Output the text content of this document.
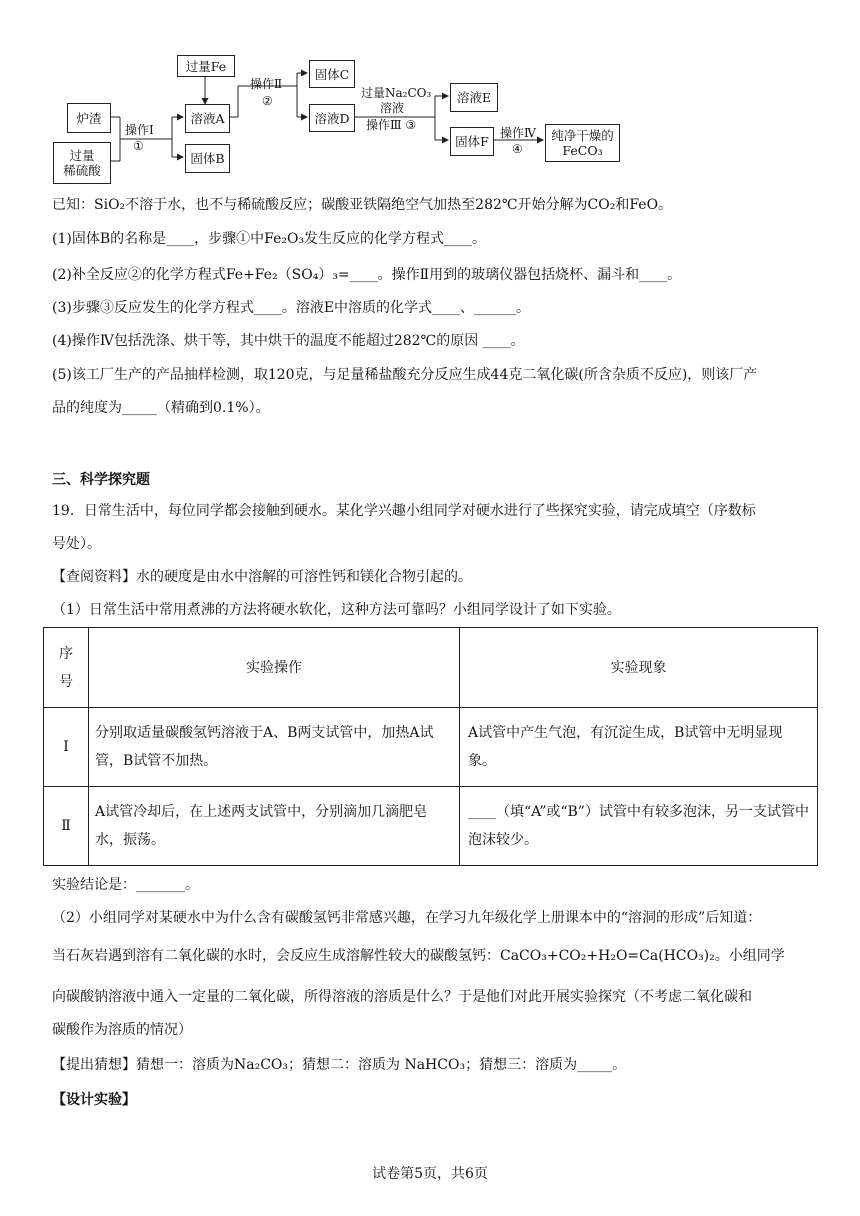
炉渣
过量
稀硫酸
操作Ⅰ
①
溶液A
固体B
过量Fe
操作Ⅱ
②
固体C
溶液D
过量Na₂CO₃
溶液
操作Ⅲ ③
溶液E
固体F
操作Ⅳ
④
纯净干燥的
FeCO₃
已知：SiO₂不溶于水，也不与稀硫酸反应；碳酸亚铁隔绝空气加热至282℃开始分解为CO₂和FeO。
(1)固体B的名称是____，步骤①中Fe₂O₃发生反应的化学方程式____。
(2)补全反应②的化学方程式Fe+Fe₂（SO₄）₃=____。操作Ⅱ用到的玻璃仪器包括烧杯、漏斗和____。
(3)步骤③反应发生的化学方程式____。溶液E中溶质的化学式____、______。
(4)操作Ⅳ包括洗涤、烘干等，其中烘干的温度不能超过282℃的原因 ____。
(5)该工厂生产的产品抽样检测，取120克，与足量稀盐酸充分反应生成44克二氧化碳(所含杂质不反应)，则该厂产
品的纯度为_____（精确到0.1%）。
三、科学探究题
19．日常生活中，每位同学都会接触到硬水。某化学兴趣小组同学对硬水进行了些探究实验，请完成填空（序数标
号处）。
【查阅资料】水的硬度是由水中溶解的可溶性钙和镁化合物引起的。
（1）日常生活中常用煮沸的方法将硬水软化，这种方法可靠吗？小组同学设计了如下实验。
序
号	实验操作	实验现象
Ⅰ	分别取适量碳酸氢钙溶液于A、B两支试管中，加热A试管，B试管不加热。	A试管中产生气泡，有沉淀生成，B试管中无明显现象。
Ⅱ	A试管冷却后，在上述两支试管中，分别滴加几滴肥皂水，振荡。	____（填“A”或“B”）试管中有较多泡沫，另一支试管中泡沫较少。
实验结论是：_______。
（2）小组同学对某硬水中为什么含有碳酸氢钙非常感兴趣，在学习九年级化学上册课本中的“溶洞的形成”后知道：
当石灰岩遇到溶有二氧化碳的水时，会反应生成溶解性较大的碳酸氢钙：CaCO₃+CO₂+H₂O=Ca(HCO₃)₂。小组同学
向碳酸钠溶液中通入一定量的二氧化碳，所得溶液的溶质是什么？于是他们对此开展实验探究（不考虑二氧化碳和
碳酸作为溶质的情况）
【提出猜想】猜想一：溶质为Na₂CO₃；猜想二：溶质为 NaHCO₃；猜想三：溶质为_____。
【设计实验】
试卷第5页，共6页
